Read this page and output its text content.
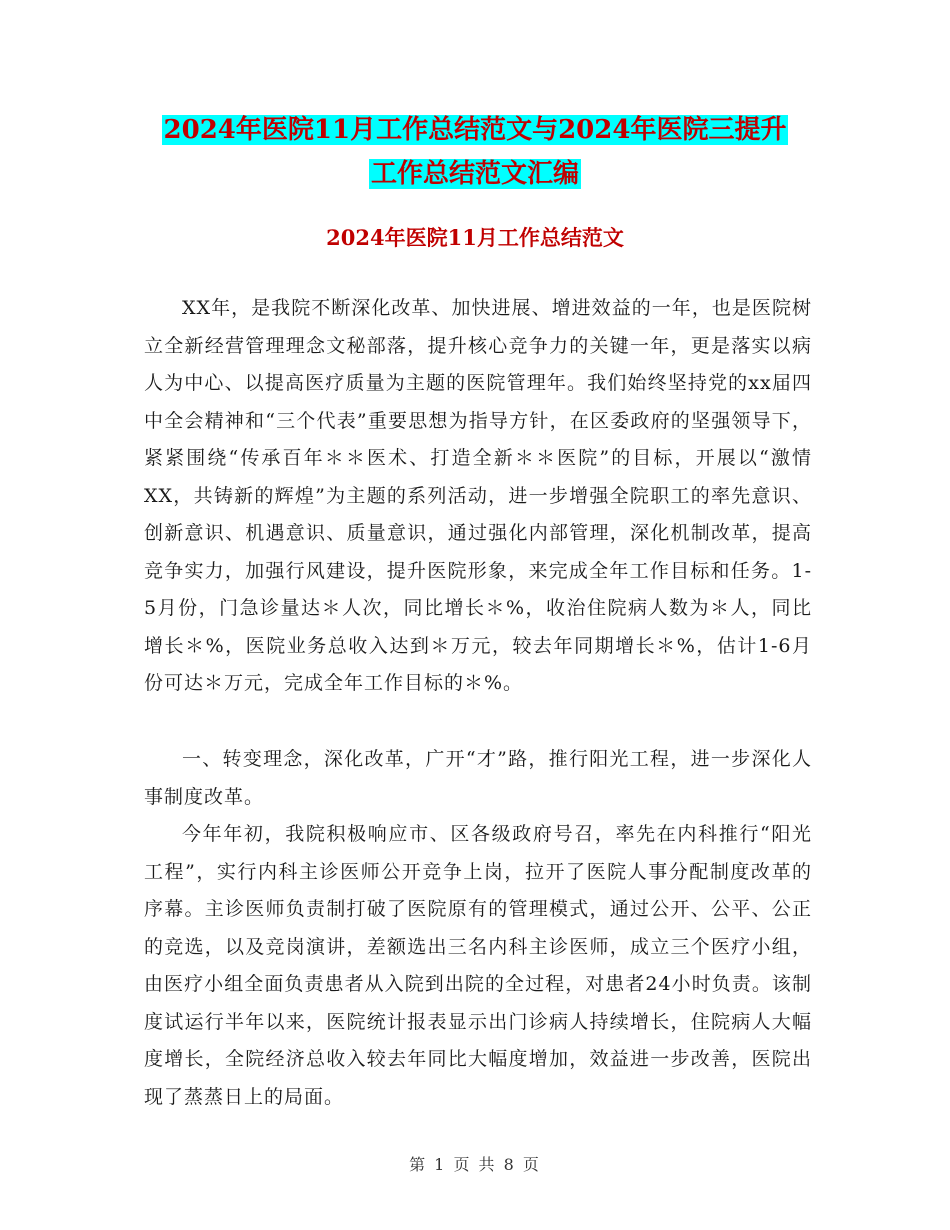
2024年医院11月工作总结范文与2024年医院三提升
工作总结范文汇编
2024年医院11月工作总结范文

XX年，是我院不断深化改革、加快进展、增进效益的一年，也是医院树立全新经营管理理念文秘部落，提升核心竞争力的关键一年，更是落实以病人为中心、以提高医疗质量为主题的医院管理年。我们始终坚持党的xx届四中全会精神和“三个代表”重要思想为指导方针，在区委政府的坚强领导下，紧紧围绕“传承百年＊＊医术、打造全新＊＊医院”的目标，开展以“激情XX，共铸新的辉煌”为主题的系列活动，进一步增强全院职工的率先意识、创新意识、机遇意识、质量意识，通过强化内部管理，深化机制改革，提高竞争实力，加强行风建设，提升医院形象，来完成全年工作目标和任务。1-5月份，门急诊量达＊人次，同比增长＊%，收治住院病人数为＊人，同比增长＊%，医院业务总收入达到＊万元，较去年同期增长＊%，估计1-6月份可达＊万元，完成全年工作目标的＊%。

一、转变理念，深化改革，广开“才”路，推行阳光工程，进一步深化人事制度改革。

今年年初，我院积极响应市、区各级政府号召，率先在内科推行“阳光工程”，实行内科主诊医师公开竞争上岗，拉开了医院人事分配制度改革的序幕。主诊医师负责制打破了医院原有的管理模式，通过公开、公平、公正的竞选，以及竞岗演讲，差额选出三名内科主诊医师，成立三个医疗小组，由医疗小组全面负责患者从入院到出院的全过程，对患者24小时负责。该制度试运行半年以来，医院统计报表显示出门诊病人持续增长，住院病人大幅度增长，全院经济总收入较去年同比大幅度增加，效益进一步改善，医院出现了蒸蒸日上的局面。

第 1 页 共 8 页
